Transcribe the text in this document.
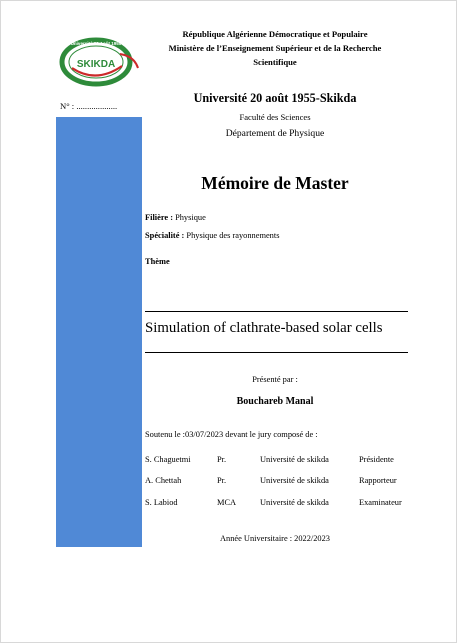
Université 20 Août 1955
SKIKDA
République Algérienne Démocratique et Populaire
Ministère de l’Enseignement Supérieur et de la Recherche
Scientifique
N° : ...................
Université 20 août 1955-Skikda
Faculté des Sciences
Département de Physique
Mémoire de Master
Filière : Physique
Spécialité : Physique des rayonnements
Thème
Simulation of clathrate-based solar cells
Présenté par :
Bouchareb Manal
Soutenu le :03/07/2023 devant le jury composé de :
S. Chaguetmi	Pr.	Université de skikda	Présidente
A. Chettah	Pr.	Université de skikda	Rapporteur
S. Labiod	MCA	Université de skikda	Examinateur
Année Universitaire : 2022/2023
